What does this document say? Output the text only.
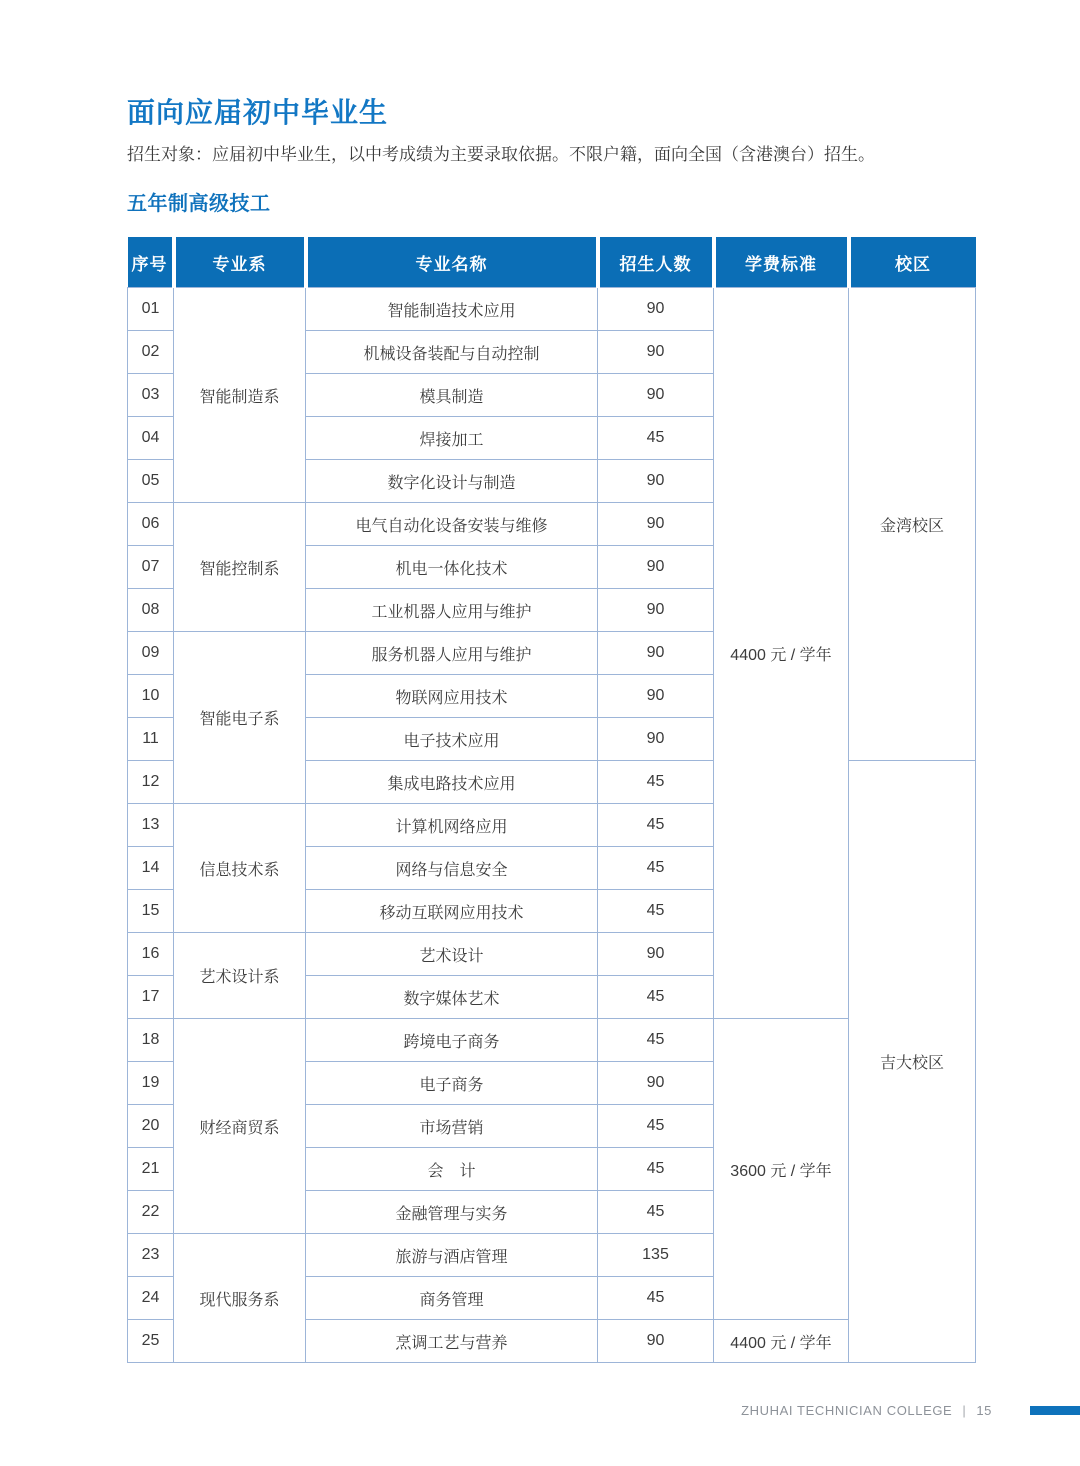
面向应届初中毕业生

招生对象：应届初中毕业生，以中考成绩为主要录取依据。不限户籍，面向全国（含港澳台）招生。

五年制高级技工
序号	专业系	专业名称	招生人数	学费标准	校区
01	智能制造系	智能制造技术应用	90	4400 元 / 学年	金湾校区
02		机械设备装配与自动控制	90		
03		模具制造	90		
04		焊接加工	45		
05		数字化设计与制造	90		
06	智能控制系	电气自动化设备安装与维修	90		
07		机电一体化技术	90		
08		工业机器人应用与维护	90		
09	智能电子系	服务机器人应用与维护	90		
10		物联网应用技术	90		
11		电子技术应用	90		
12		集成电路技术应用	45		吉大校区
13	信息技术系	计算机网络应用	45		
14		网络与信息安全	45		
15		移动互联网应用技术	45		
16	艺术设计系	艺术设计	90		
17		数字媒体艺术	45		
18	财经商贸系	跨境电子商务	45	3600 元 / 学年	
19		电子商务	90		
20		市场营销	45		
21		会　计	45		
22		金融管理与实务	45		
23	现代服务系	旅游与酒店管理	135		
24		商务管理	45		
25		烹调工艺与营养	90	4400 元 / 学年	
ZHUHAI TECHNICIAN COLLEGE | 15
